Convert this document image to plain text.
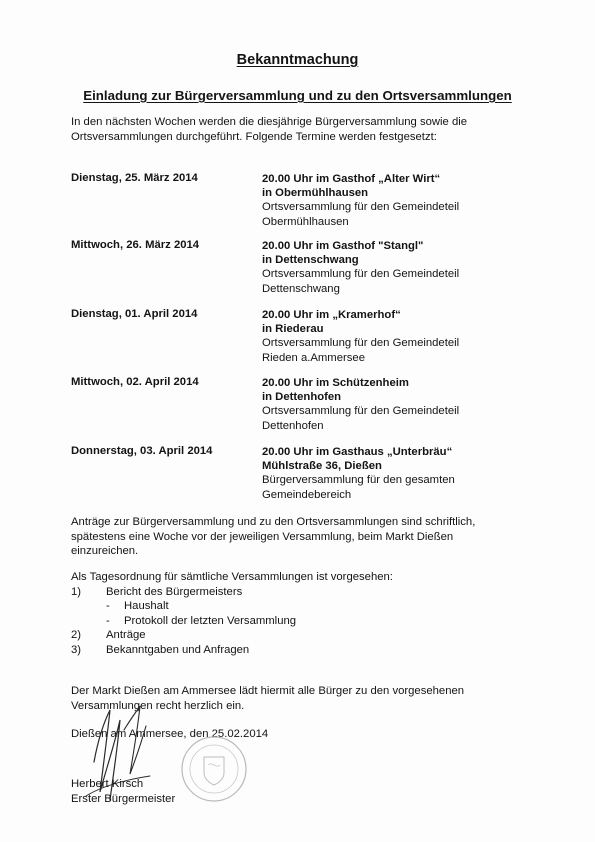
Bekanntmachung
Einladung zur Bürgerversammlung und zu den Ortsversammlungen
In den nächsten Wochen werden die diesjährige Bürgerversammlung sowie die
Ortsversammlungen durchgeführt. Folgende Termine werden festgesetzt:
Dienstag, 25. März 2014	20.00 Uhr im Gasthof „Alter Wirt“
in Obermühlhausen
Ortsversammlung für den Gemeindeteil
Obermühlhausen
Mittwoch, 26. März 2014	20.00 Uhr im Gasthof "Stangl"
in Dettenschwang
Ortsversammlung für den Gemeindeteil
Dettenschwang
Dienstag, 01. April 2014	20.00 Uhr im „Kramerhof“
in Riederau
Ortsversammlung für den Gemeindeteil
Rieden a.Ammersee
Mittwoch, 02. April 2014	20.00 Uhr im Schützenheim
in Dettenhofen
Ortsversammlung für den Gemeindeteil
Dettenhofen
Donnerstag, 03. April 2014	20.00 Uhr im Gasthaus „Unterbräu“
Mühlstraße 36, Dießen
Bürgerversammlung für den gesamten
Gemeindebereich
Anträge zur Bürgerversammlung und zu den Ortsversammlungen sind schriftlich,
spätestens eine Woche vor der jeweiligen Versammlung, beim Markt Dießen
einzureichen.
Als Tagesordnung für sämtliche Versammlungen ist vorgesehen:
1) Bericht des Bürgermeisters
- Haushalt
- Protokoll der letzten Versammlung
2) Anträge
3) Bekanntgaben und Anfragen
Der Markt Dießen am Ammersee lädt hiermit alle Bürger zu den vorgesehenen
Versammlungen recht herzlich ein.
Dießen am Ammersee, den 25.02.2014
Herbert Kirsch
Erster Bürgermeister
